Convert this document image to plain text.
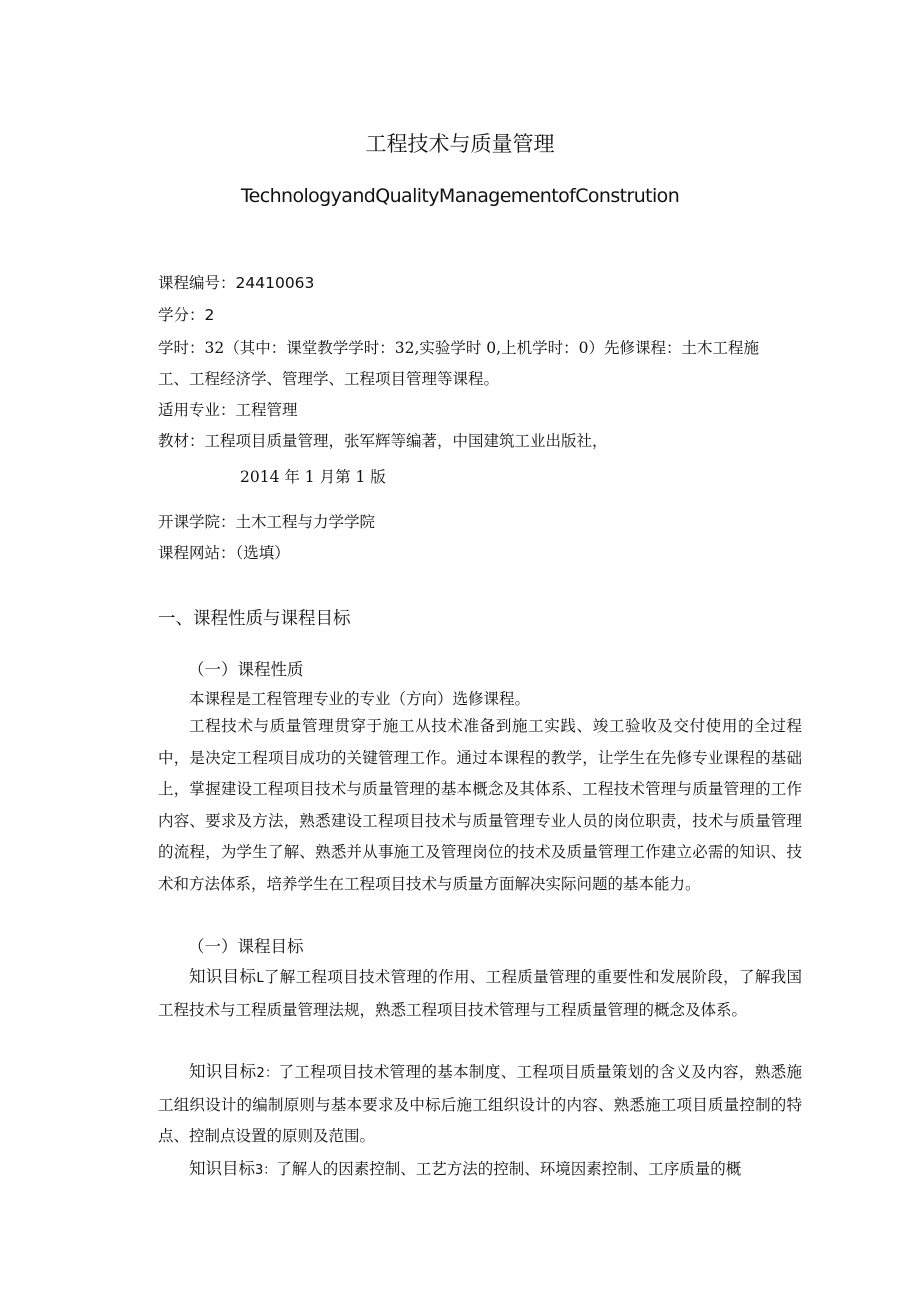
工程技术与质量管理
TechnologyandQualityManagementofConstrution
课程编号：24410063
学分：2
学时：32（其中：课堂教学学时：32,实验学时 0,上机学时：0）先修课程：土木工程施
工、工程经济学、管理学、工程项目管理等课程。
适用专业：工程管理
教材：工程项目质量管理，张军辉等编著，中国建筑工业出版社，
2014 年 1 月第 1 版
开课学院：土木工程与力学学院
课程网站：（选填）
一、课程性质与课程目标
（一）课程性质
本课程是工程管理专业的专业（方向）选修课程。
工程技术与质量管理贯穿于施工从技术准备到施工实践、竣工验收及交付使用的全过程中，是决定工程项目成功的关键管理工作。通过本课程的教学，让学生在先修专业课程的基础上，掌握建设工程项目技术与质量管理的基本概念及其体系、工程技术管理与质量管理的工作内容、要求及方法，熟悉建设工程项目技术与质量管理专业人员的岗位职责，技术与质量管理的流程，为学生了解、熟悉并从事施工及管理岗位的技术及质量管理工作建立必需的知识、技术和方法体系，培养学生在工程项目技术与质量方面解决实际问题的基本能力。
（一）课程目标
知识目标L了解工程项目技术管理的作用、工程质量管理的重要性和发展阶段，了解我国工程技术与工程质量管理法规，熟悉工程项目技术管理与工程质量管理的概念及体系。
知识目标2：了工程项目技术管理的基本制度、工程项目质量策划的含义及内容，熟悉施工组织设计的编制原则与基本要求及中标后施工组织设计的内容、熟悉施工项目质量控制的特点、控制点设置的原则及范围。
知识目标3：了解人的因素控制、工艺方法的控制、环境因素控制、工序质量的概
